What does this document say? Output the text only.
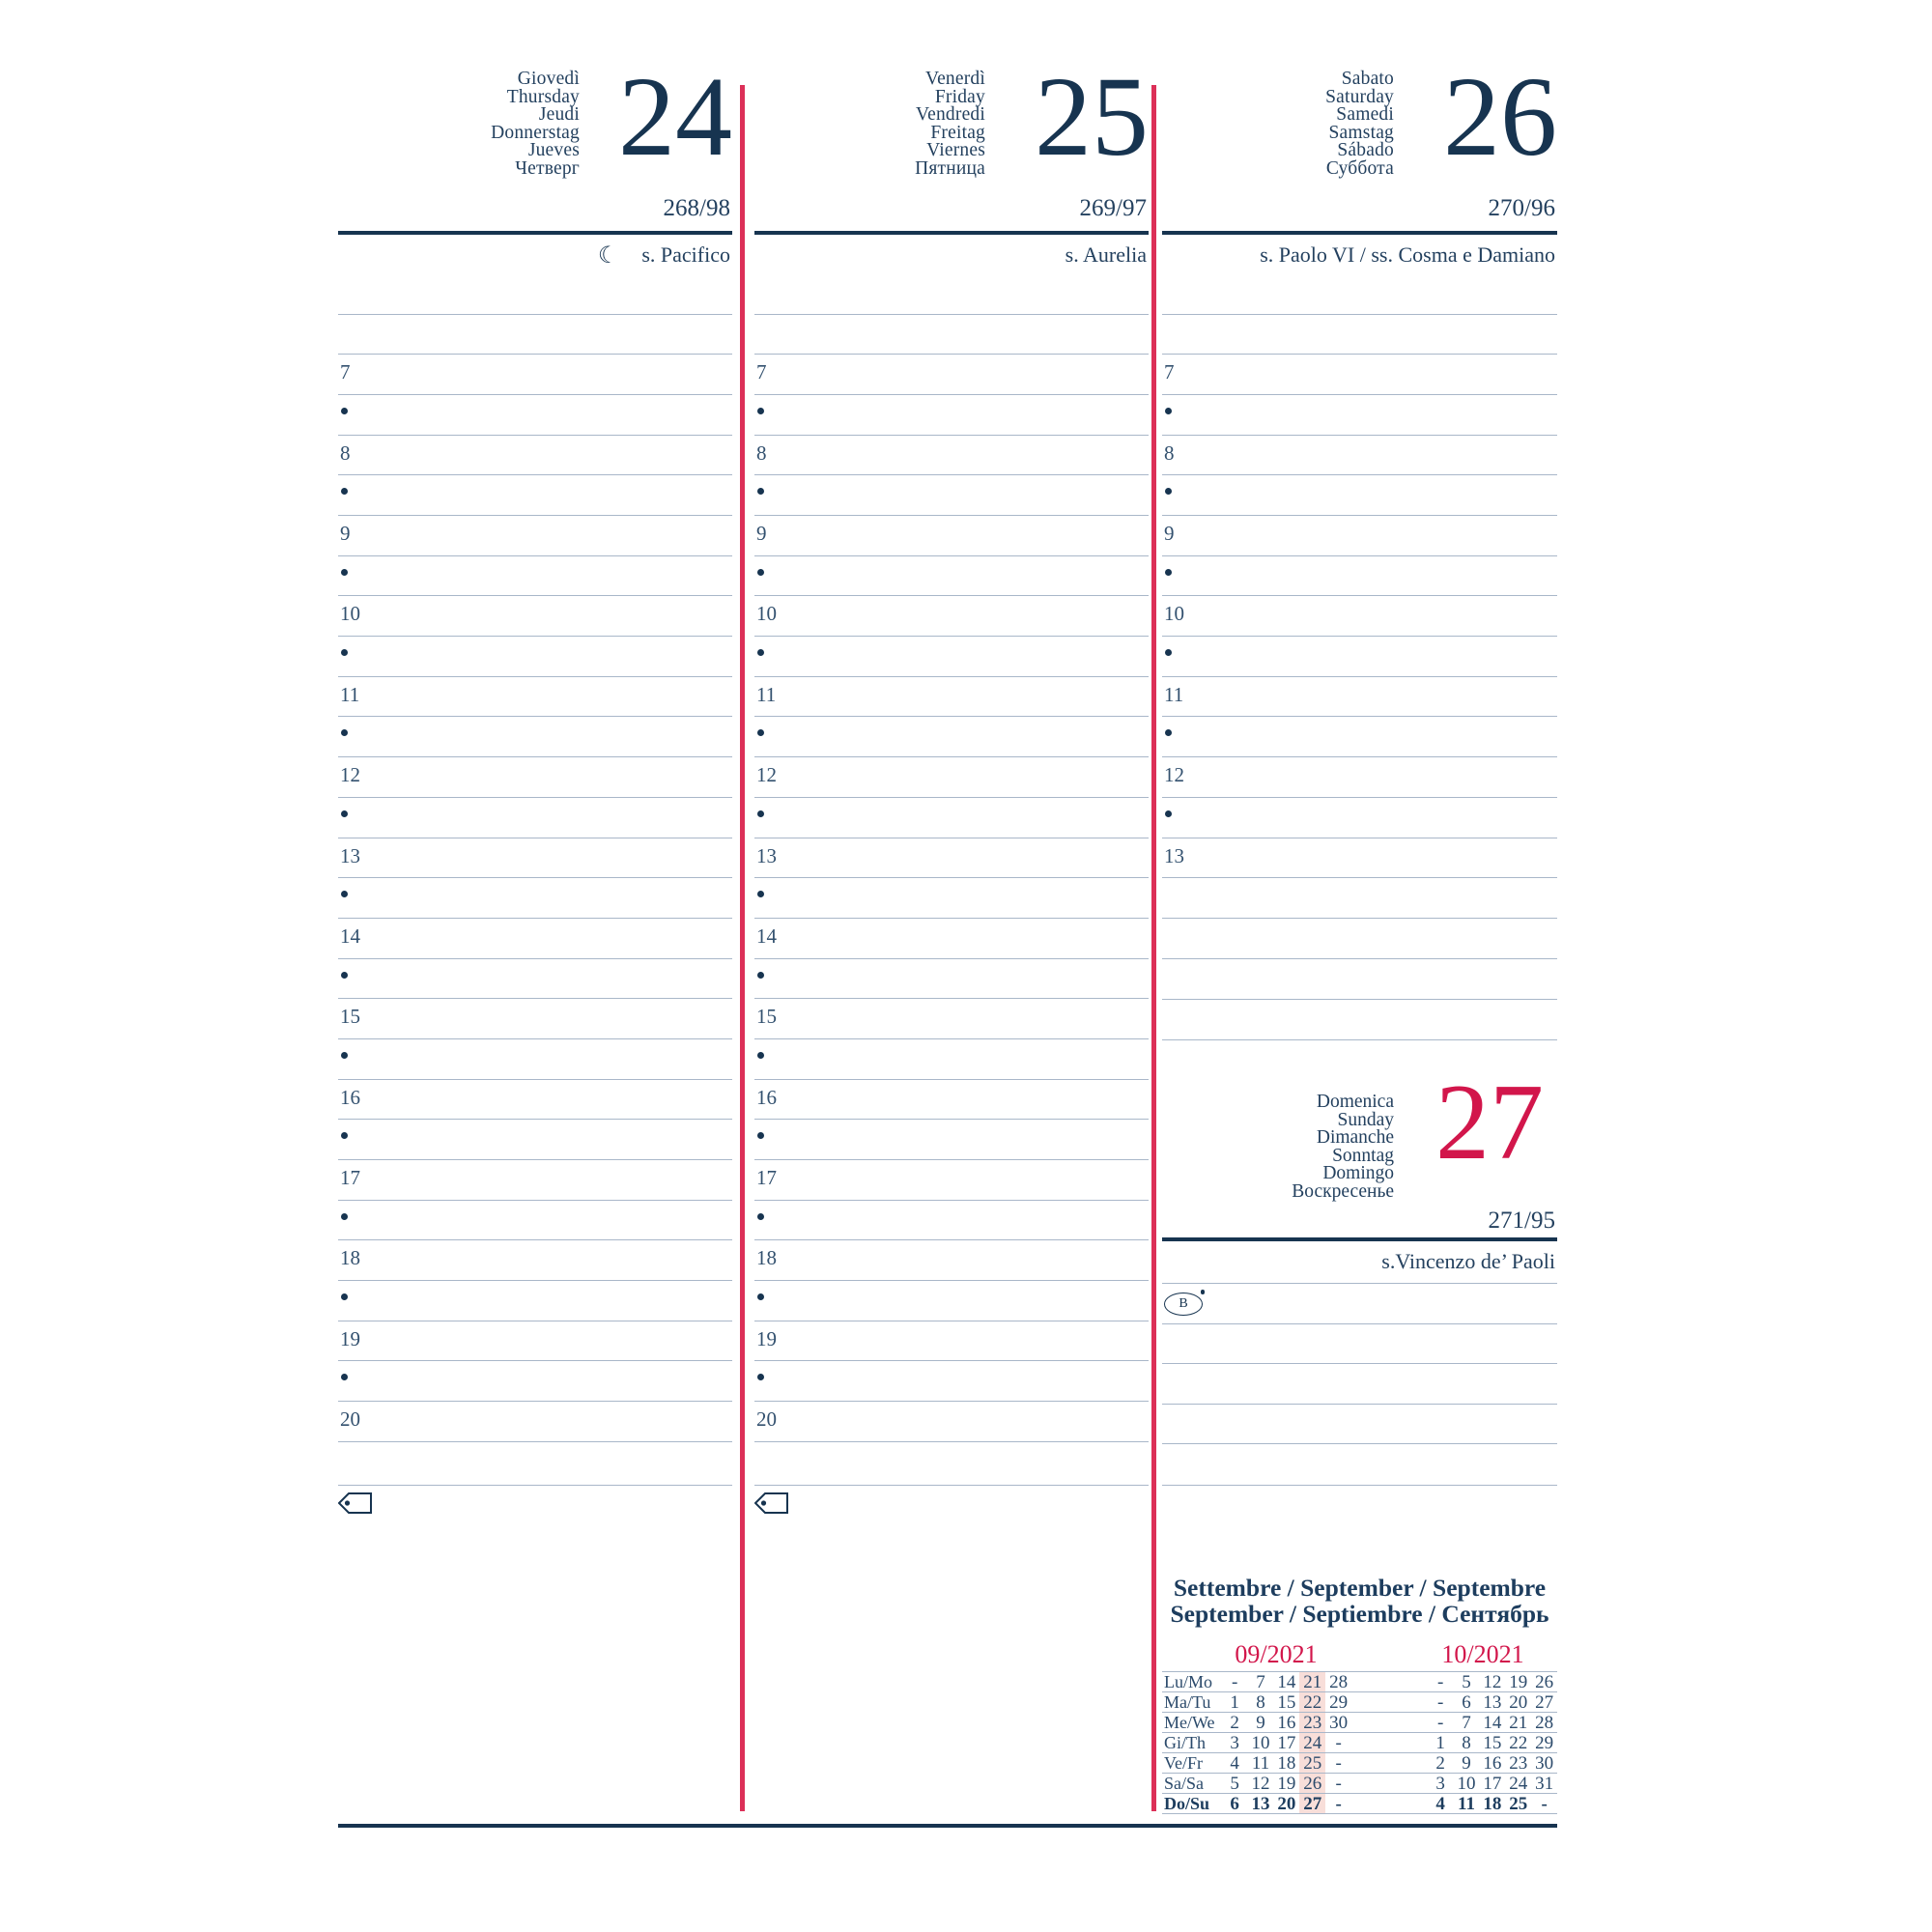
Giovedì
Thursday
Jeudi
Donnerstag
Jueves
Четверг 24
268/98
☾ s. Pacifico
7
8
9
10
11
12
13
14
15
16
17
18
19
20
Venerdì
Friday
Vendredi
Freitag
Viernes
Пятница 25
269/97
s. Aurelia
7
8
9
10
11
12
13
14
15
16
17
18
19
20
Sabato
Saturday
Samedi
Samstag
Sábado
Суббота 26
270/96
s. Paolo VI / ss. Cosma e Damiano
7
8
9
10
11
12
13
Domenica
Sunday
Dimanche
Sonntag
Domingo
Воскресенье
27
271/95
s.Vincenzo de’ Paoli
B
Settembre / September / Septembre
September / Septiembre / Сентябрь
09/2021	10/2021
Lu/Mo	- 7 14 21 28	- 5 12 19 26
Ma/Tu	1 8 15 22 29	- 6 13 20 27
Me/We 2 9 16 23 30	- 7 14 21 28
Gi/Th	3 10 17 24 -	1 8 15 22 29
Ve/Fr	4 11 18 25 -	2 9 16 23 30
Sa/Sa	5 12 19 26 -	3 10 17 24 31
Do/Su	6 13 20 27 -	4 11 18 25 -
